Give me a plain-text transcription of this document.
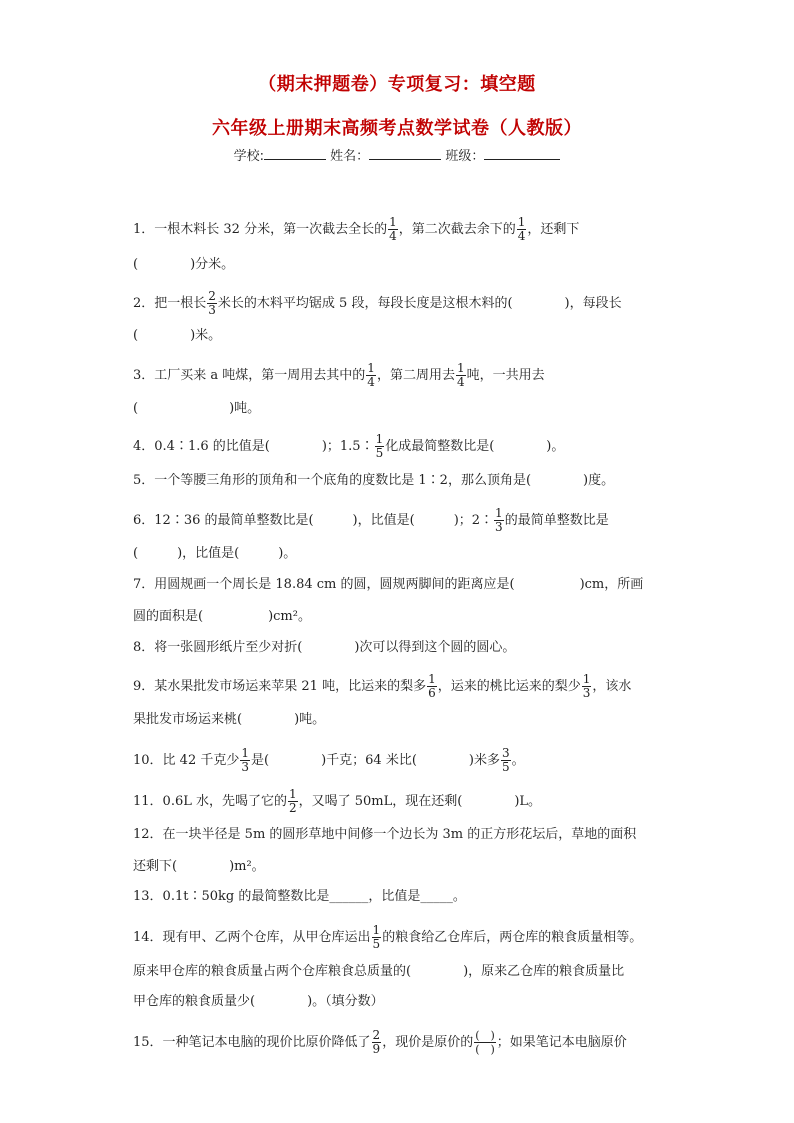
（期末押题卷）专项复习：填空题
六年级上册期末高频考点数学试卷（人教版）
学校:	姓名：	班级：
1．一根木料长 32 分米，第一次截去全长的 $\frac{1}{4}$ ，第二次截去余下的 $\frac{1}{4}$ ，还剩下
(　　　　)分米。
2．把一根长 $\frac{2}{3}$ 米长的木料平均锯成 5 段，每段长度是这根木料的(　　　　)，每段长
(　　　　)米。
3．工厂买来 a 吨煤，第一周用去其中的 $\frac{1}{4}$ ，第二周用去 $\frac{1}{4}$ 吨，一共用去
(　　　　　　　)吨。
4．0.4∶1.6 的比值是(　　　　)；1.5∶ $\frac{1}{5}$ 化成最简整数比是(　　　　)。
5．一个等腰三角形的顶角和一个底角的度数比是 1∶2，那么顶角是(　　　　)度。
6．12∶36 的最简单整数比是(　　　)，比值是(　　　)；2∶ $\frac{1}{3}$ 的最简单整数比是
(　　　)，比值是(　　　)。
7．用圆规画一个周长是 18.84 cm 的圆，圆规两脚间的距离应是(　　　　　)cm，所画
圆的面积是(　　　　　)cm²。
8．将一张圆形纸片至少对折(　　　　)次可以得到这个圆的圆心。
9．某水果批发市场运来苹果 21 吨，比运来的梨多 $\frac{1}{6}$ ，运来的桃比运来的梨少 $\frac{1}{3}$ ，该水
果批发市场运来桃(　　　　)吨。
10．比 42 千克少 $\frac{1}{3}$ 是(　　　　)千克；64 米比(　　　　)米多 $\frac{3}{5}$ 。
11．0.6L 水，先喝了它的 $\frac{1}{2}$ ，又喝了 50mL，现在还剩(　　　　)L。
12．在一块半径是 5m 的圆形草地中间修一个边长为 3m 的正方形花坛后，草地的面积
还剩下(　　　　)m²。
13．0.1t∶50kg 的最简整数比是______，比值是_____。
14．现有甲、乙两个仓库，从甲仓库运出 $\frac{1}{5}$ 的粮食给乙仓库后，两仓库的粮食质量相等。
原来甲仓库的粮食质量占两个仓库粮食总质量的(　　　　)，原来乙仓库的粮食质量比
甲仓库的粮食质量少(　　　　)。（填分数）
15．一种笔记本电脑的现价比原价降低了 $\frac{2}{9}$ ，现价是原价的 $\frac{( )}{( )}$ ；如果笔记本电脑原价
